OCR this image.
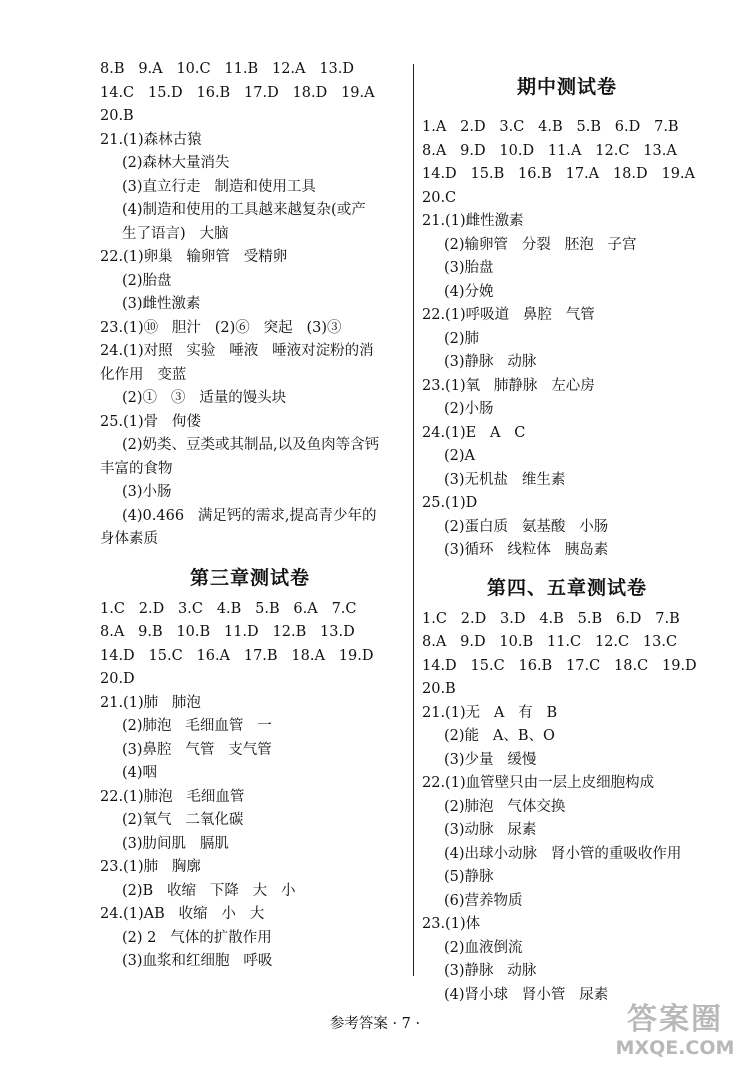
8.B   9.A   10.C   11.B   12.A   13.D
14.C   15.D   16.B   17.D   18.D   19.A
20.B
21.(1)森林古猿
(2)森林大量消失
(3)直立行走   制造和使用工具
(4)制造和使用的工具越来越复杂(或产
生了语言)   大脑
22.(1)卵巢   输卵管   受精卵
(2)胎盘
(3)雌性激素
23.(1)⑩   胆汁   (2)⑥   突起   (3)③
24.(1)对照   实验   唾液   唾液对淀粉的消
化作用   变蓝
(2)①   ③   适量的馒头块
25.(1)骨   佝偻
(2)奶类、豆类或其制品,以及鱼肉等含钙
丰富的食物
(3)小肠
(4)0.466   满足钙的需求,提高青少年的
身体素质
第三章测试卷
1.C   2.D   3.C   4.B   5.B   6.A   7.C
8.A   9.B   10.B   11.D   12.B   13.D
14.D   15.C   16.A   17.B   18.A   19.D
20.D
21.(1)肺   肺泡
(2)肺泡   毛细血管   一
(3)鼻腔   气管   支气管
(4)咽
22.(1)肺泡   毛细血管
(2)氧气   二氧化碳
(3)肋间肌   膈肌
23.(1)肺   胸廓
(2)B   收缩   下降   大   小
24.(1)AB   收缩   小   大
(2) 2   气体的扩散作用
(3)血浆和红细胞   呼吸
期中测试卷
1.A   2.D   3.C   4.B   5.B   6.D   7.B
8.A   9.D   10.D   11.A   12.C   13.A
14.D   15.B   16.B   17.A   18.D   19.A
20.C
21.(1)雌性激素
(2)输卵管   分裂   胚泡   子宫
(3)胎盘
(4)分娩
22.(1)呼吸道   鼻腔   气管
(2)肺
(3)静脉   动脉
23.(1)氧   肺静脉   左心房
(2)小肠
24.(1)E   A   C
(2)A
(3)无机盐   维生素
25.(1)D
(2)蛋白质   氨基酸   小肠
(3)循环   线粒体   胰岛素
第四、五章测试卷
1.C   2.D   3.D   4.B   5.B   6.D   7.B
8.A   9.D   10.B   11.C   12.C   13.C
14.D   15.C   16.B   17.C   18.C   19.D
20.B
21.(1)无   A   有   B
(2)能   A、B、O
(3)少量   缓慢
22.(1)血管壁只由一层上皮细胞构成
(2)肺泡   气体交换
(3)动脉   尿素
(4)出球小动脉   肾小管的重吸收作用
(5)静脉
(6)营养物质
23.(1)体
(2)血液倒流
(3)静脉   动脉
(4)肾小球   肾小管   尿素
参考答案 · 7 ·	答案圈
MXQE.COM
